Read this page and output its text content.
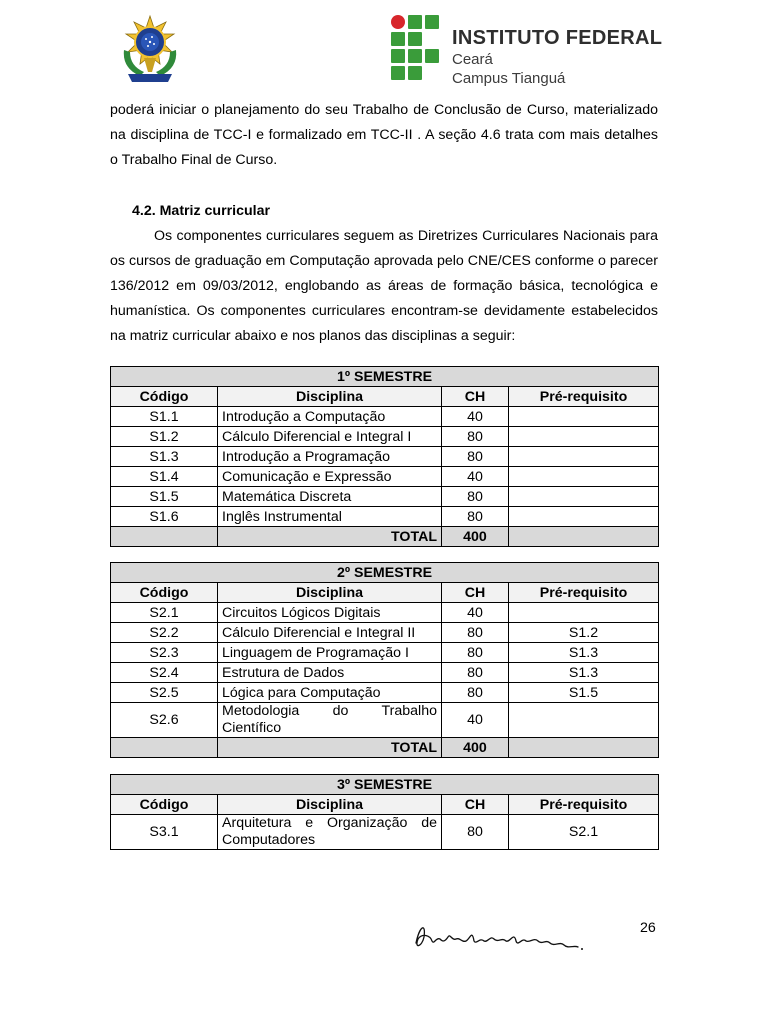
INSTITUTO FEDERAL
Ceará
Campus Tianguá

poderá iniciar o planejamento do seu Trabalho de Conclusão de Curso, materializado na disciplina de TCC-I e formalizado em TCC-II . A seção 4.6 trata com mais detalhes o Trabalho Final de Curso.

4.2. Matriz curricular

Os componentes curriculares seguem as Diretrizes Curriculares Nacionais para os cursos de graduação em Computação aprovada pelo CNE/CES conforme o parecer 136/2012 em 09/03/2012, englobando as áreas de formação básica, tecnológica e humanística. Os componentes curriculares encontram-se devidamente estabelecidos na matriz curricular abaixo e nos planos das disciplinas a seguir:

1º SEMESTRE			
Código	Disciplina	CH	Pré-requisito
S1.1	Introdução a Computação	40	
S1.2	Cálculo Diferencial e Integral I	80	
S1.3	Introdução a Programação	80	
S1.4	Comunicação e Expressão	40	
S1.5	Matemática Discreta	80	
S1.6	Inglês Instrumental	80	
	TOTAL	400	
2º SEMESTRE			
Código	Disciplina	CH	Pré-requisito
S2.1	Circuitos Lógicos Digitais	40	
S2.2	Cálculo Diferencial e Integral II	80	S1.2
S2.3	Linguagem de Programação I	80	S1.3
S2.4	Estrutura de Dados	80	S1.3
S2.5	Lógica para Computação	80	S1.5
S2.6	Metodologia do Trabalho Científico	40	
	TOTAL	400	
3º SEMESTRE			
Código	Disciplina	CH	Pré-requisito
S3.1	Arquitetura e Organização de Computadores	80	S2.1
26
